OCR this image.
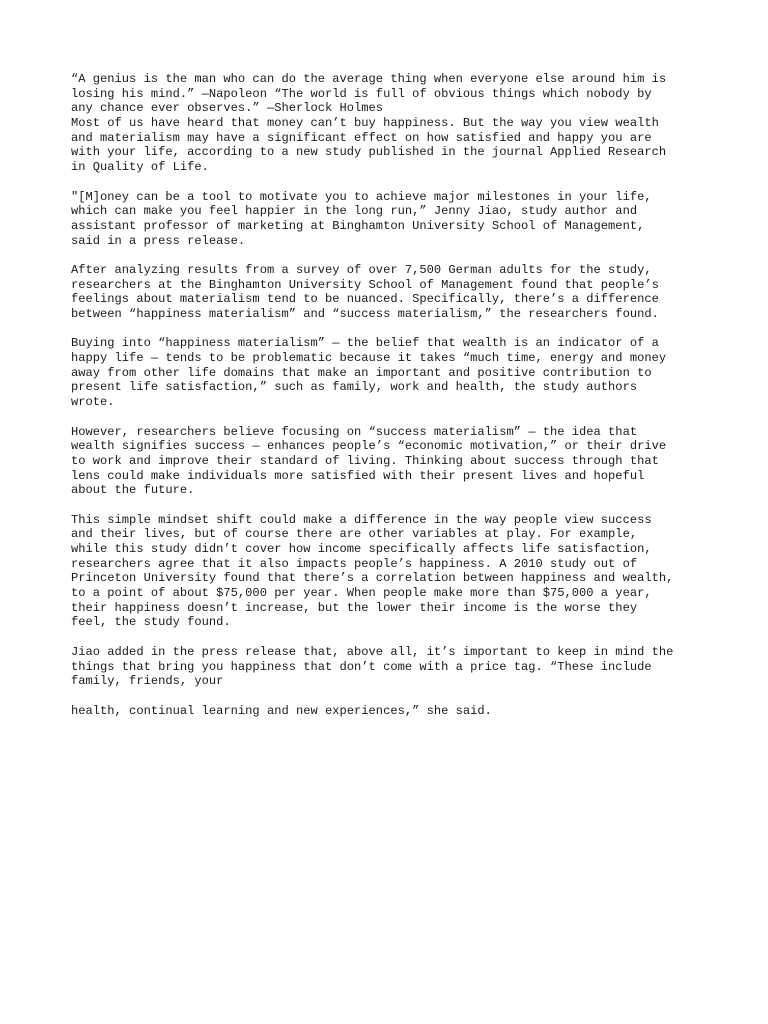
“A genius is the man who can do the average thing when everyone else around him is
losing his mind.” —Napoleon “The world is full of obvious things which nobody by
any chance ever observes.” —Sherlock Holmes
Most of us have heard that money can’t buy happiness. But the way you view wealth
and materialism may have a significant effect on how satisfied and happy you are
with your life, according to a new study published in the journal Applied Research
in Quality of Life.
"[M]oney can be a tool to motivate you to achieve major milestones in your life,
which can make you feel happier in the long run,” Jenny Jiao, study author and
assistant professor of marketing at Binghamton University School of Management,
said in a press release.
After analyzing results from a survey of over 7,500 German adults for the study,
researchers at the Binghamton University School of Management found that people’s
feelings about materialism tend to be nuanced. Specifically, there’s a difference
between “happiness materialism” and “success materialism,” the researchers found.
Buying into “happiness materialism” — the belief that wealth is an indicator of a
happy life — tends to be problematic because it takes “much time, energy and money
away from other life domains that make an important and positive contribution to
present life satisfaction,” such as family, work and health, the study authors
wrote.
However, researchers believe focusing on “success materialism” — the idea that
wealth signifies success — enhances people’s “economic motivation,” or their drive
to work and improve their standard of living. Thinking about success through that
lens could make individuals more satisfied with their present lives and hopeful
about the future.
This simple mindset shift could make a difference in the way people view success
and their lives, but of course there are other variables at play. For example,
while this study didn’t cover how income specifically affects life satisfaction,
researchers agree that it also impacts people’s happiness. A 2010 study out of
Princeton University found that there’s a correlation between happiness and wealth,
to a point of about $75,000 per year. When people make more than $75,000 a year,
their happiness doesn’t increase, but the lower their income is the worse they
feel, the study found.
Jiao added in the press release that, above all, it’s important to keep in mind the
things that bring you happiness that don’t come with a price tag. “These include
family, friends, your
health, continual learning and new experiences,” she said.
